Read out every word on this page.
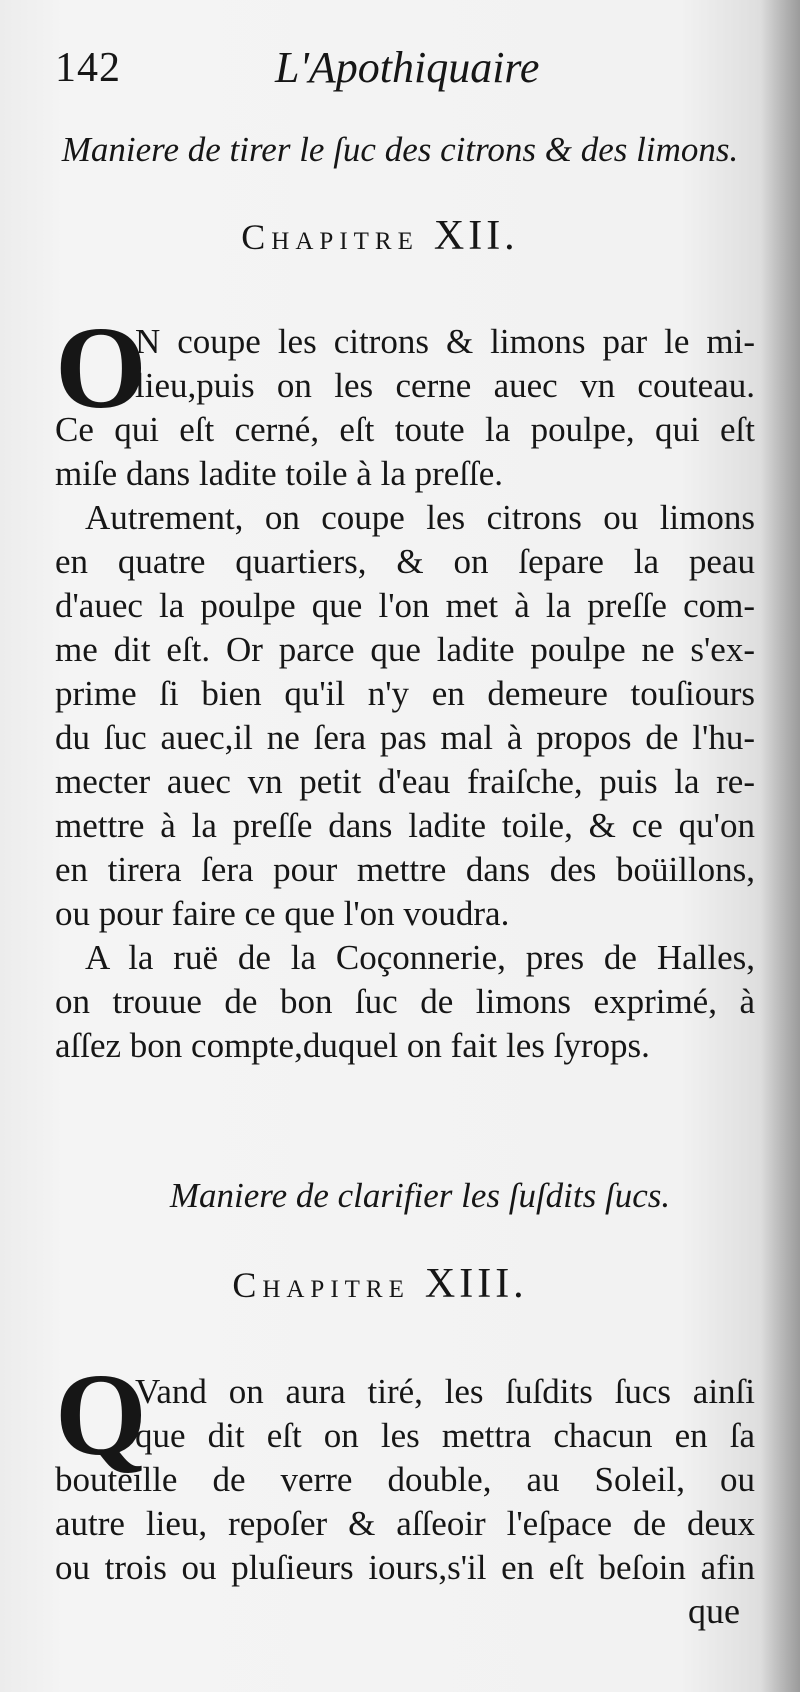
142	L'Apothiquaire
Maniere de tirer le ſuc des citrons & des limons.
Chapitre XII.
O
N coupe les citrons & limons par le mi-
lieu,puis on les cerne auec vn couteau.
Ce qui eſt cerné, eſt toute la poulpe, qui eſt
miſe dans ladite toile à la preſſe.
Autrement, on coupe les citrons ou limons
en quatre quartiers, & on ſepare la peau
d'auec la poulpe que l'on met à la preſſe com-
me dit eſt. Or parce que ladite poulpe ne s'ex-
prime ſi bien qu'il n'y en demeure touſiours
du ſuc auec,il ne ſera pas mal à propos de l'hu-
mecter auec vn petit d'eau fraiſche, puis la re-
mettre à la preſſe dans ladite toile, & ce qu'on
en tirera ſera pour mettre dans des boüillons,
ou pour faire ce que l'on voudra.
A la ruë de la Coçonnerie, pres de Halles,
on trouue de bon ſuc de limons exprimé, à
aſſez bon compte,duquel on fait les ſyrops.
Maniere de clarifier les ſuſdits ſucs.
Chapitre XIII.
Q
Vand on aura tiré, les ſuſdits ſucs ainſi
que dit eſt on les mettra chacun en ſa
bouteille de verre double, au Soleil, ou
autre lieu, repoſer & aſſeoir l'eſpace de deux
ou trois ou pluſieurs iours,s'il en eſt beſoin afin
que
